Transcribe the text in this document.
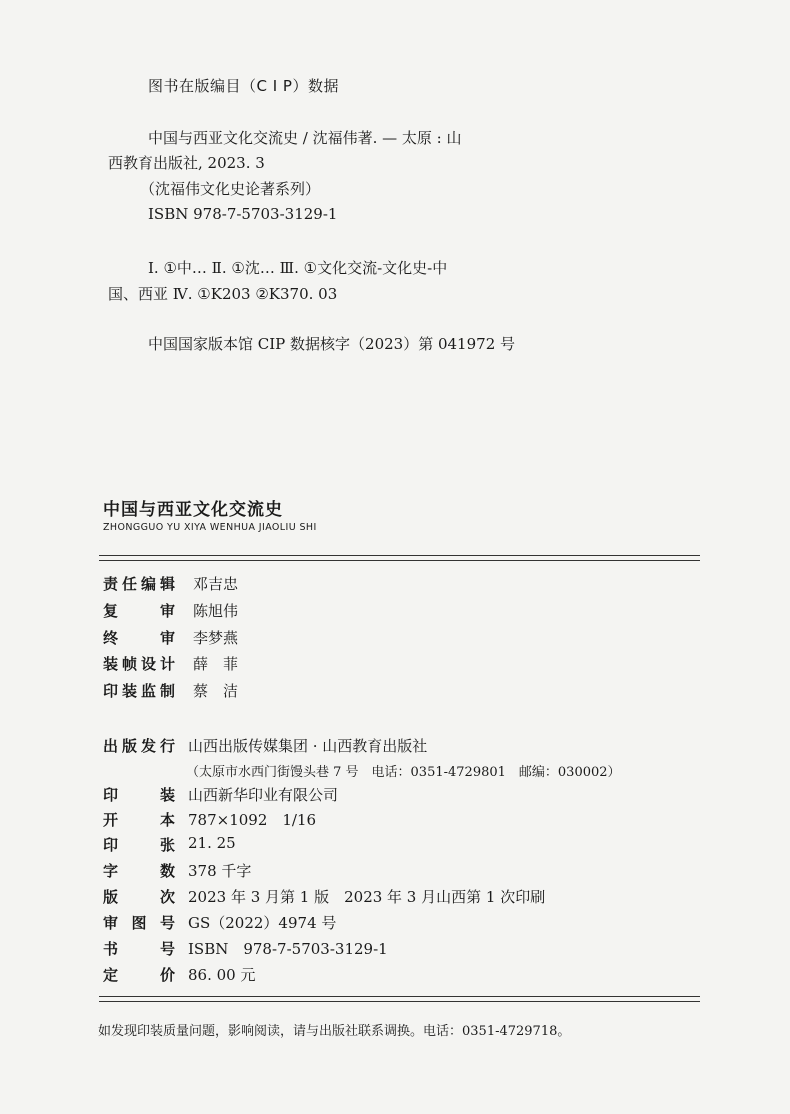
图书在版编目（C I P）数据
中国与西亚文化交流史 / 沈福伟著. — 太原 : 山
西教育出版社, 2023. 3
（沈福伟文化史论著系列）
ISBN 978-7-5703-3129-1
Ⅰ. ①中… Ⅱ. ①沈… Ⅲ. ①文化交流-文化史-中
国、西亚 Ⅳ. ①K203 ②K370. 03
中国国家版本馆 CIP 数据核字（2023）第 041972 号
中国与西亚文化交流史
ZHONGGUO YU XIYA WENHUA JIAOLIU SHI
责任编辑 邓吉忠
复审 陈旭伟
终审 李梦燕
装帧设计 薛　菲
印装监制 蔡　洁
出版发行 山西出版传媒集团 · 山西教育出版社
（太原市水西门街馒头巷 7 号　电话：0351-4729801　邮编：030002）
印装 山西新华印业有限公司
开本 787×1092　1/16
印张 21. 25
字数 378 千字
版次 2023 年 3 月第 1 版　2023 年 3 月山西第 1 次印刷
审图号 GS（2022）4974 号
书号 ISBN　978-7-5703-3129-1
定价 86. 00 元
如发现印装质量问题，影响阅读，请与出版社联系调换。电话：0351-4729718。
